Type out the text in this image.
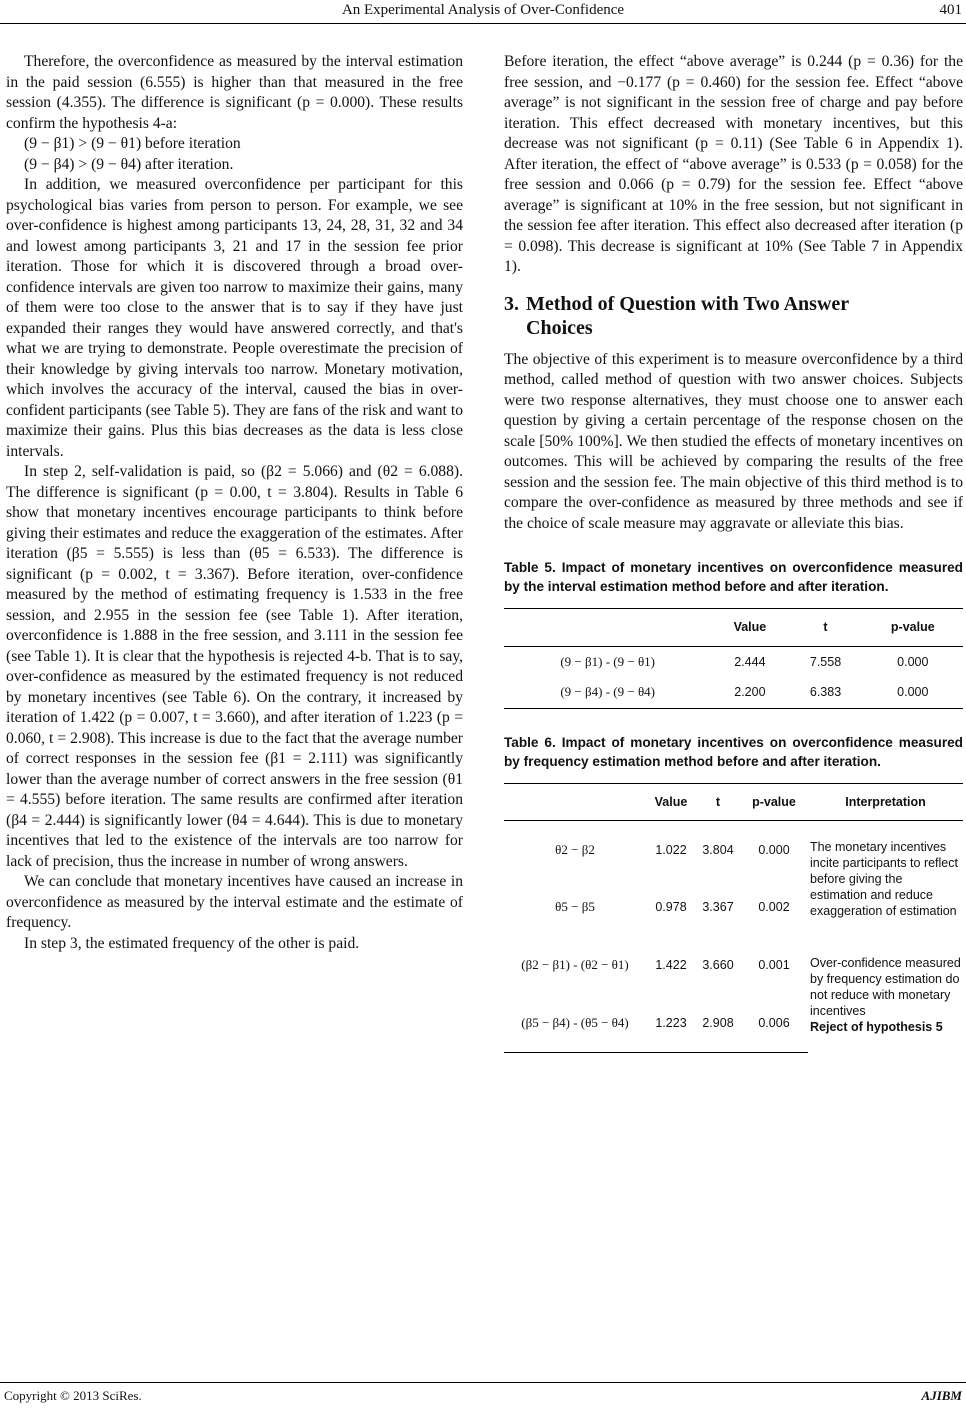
An Experimental Analysis of Over-Confidence	401

Therefore, the overconfidence as measured by the interval estimation in the paid session (6.555) is higher than that measured in the free session (4.355). The difference is significant (p = 0.000). These results confirm the hypothesis 4-a:

(9 − β1) > (9 − θ1) before iteration

(9 − β4) > (9 − θ4) after iteration.

In addition, we measured overconfidence per participant for this psychological bias varies from person to person. For example, we see over-confidence is highest among participants 13, 24, 28, 31, 32 and 34 and lowest among participants 3, 21 and 17 in the session fee prior iteration. Those for which it is discovered through a broad over-confidence intervals are given too narrow to maximize their gains, many of them were too close to the answer that is to say if they have just expanded their ranges they would have answered correctly, and that's what we are trying to demonstrate. People overestimate the precision of their knowledge by giving intervals too narrow. Monetary motivation, which involves the accuracy of the interval, caused the bias in over-confident participants (see Table 5). They are fans of the risk and want to maximize their gains. Plus this bias decreases as the data is less close intervals.

In step 2, self-validation is paid, so (β2 = 5.066) and (θ2 = 6.088). The difference is significant (p = 0.00, t = 3.804). Results in Table 6 show that monetary incentives encourage participants to think before giving their estimates and reduce the exaggeration of the estimates. After iteration (β5 = 5.555) is less than (θ5 = 6.533). The difference is significant (p = 0.002, t = 3.367). Before iteration, over-confidence measured by the method of estimating frequency is 1.533 in the free session, and 2.955 in the session fee (see Table 1). After iteration, overconfidence is 1.888 in the free session, and 3.111 in the session fee (see Table 1). It is clear that the hypothesis is rejected 4-b. That is to say, over-confidence as measured by the estimated frequency is not reduced by monetary incentives (see Table 6). On the contrary, it increased by iteration of 1.422 (p = 0.007, t = 3.660), and after iteration of 1.223 (p = 0.060, t = 2.908). This increase is due to the fact that the average number of correct responses in the session fee (β1 = 2.111) was significantly lower than the average number of correct answers in the free session (θ1 = 4.555) before iteration. The same results are confirmed after iteration (β4 = 2.444) is significantly lower (θ4 = 4.644). This is due to monetary incentives that led to the existence of the intervals are too narrow for lack of precision, thus the increase in number of wrong answers.

We can conclude that monetary incentives have caused an increase in overconfidence as measured by the interval estimate and the estimate of frequency.

In step 3, the estimated frequency of the other is paid.

Before iteration, the effect “above average” is 0.244 (p = 0.36) for the free session, and −0.177 (p = 0.460) for the session fee. Effect “above average” is not significant in the session free of charge and pay before iteration. This effect decreased with monetary incentives, but this decrease was not significant (p = 0.11) (See Table 6 in Appendix 1). After iteration, the effect of “above average” is 0.533 (p = 0.058) for the free session and 0.066 (p = 0.79) for the session fee. Effect “above average” is significant at 10% in the free session, but not significant in the session fee after iteration. This effect also decreased after iteration (p = 0.098). This decrease is significant at 10% (See Table 7 in Appendix 1).

3. Method of Question with Two Answer
Choices

The objective of this experiment is to measure overconfidence by a third method, called method of question with two answer choices. Subjects were two response alternatives, they must choose one to answer each question by giving a certain percentage of the response chosen on the scale [50% 100%]. We then studied the effects of monetary incentives on outcomes. This will be achieved by comparing the results of the free session and the session fee. The main objective of this third method is to compare the over-confidence as measured by three methods and see if the choice of scale measure may aggravate or alleviate this bias.

Table 5. Impact of monetary incentives on overconfidence measured by the interval estimation method before and after iteration.
	Value	t	p-value
(9 − β1) - (9 − θ1)	2.444	7.558	0.000
(9 − β4) - (9 − θ4)	2.200	6.383	0.000
Table 6. Impact of monetary incentives on overconfidence measured by frequency estimation method before and after iteration.
	Value	t	p-value	Interpretation
θ2 − β2	1.022	3.804	0.000	The monetary incentives incite participants to reflect before giving the estimation and reduce exaggeration of estimation
θ5 − β5	0.978	3.367	0.002	
(β2 − β1) - (θ2 − θ1)	1.422	3.660	0.001	Over-confidence measured by frequency estimation do not reduce with monetary incentives
Reject of hypothesis 5
(β5 − β4) - (θ5 − θ4)	1.223	2.908	0.006	
Copyright © 2013 SciRes.	AJIBM
